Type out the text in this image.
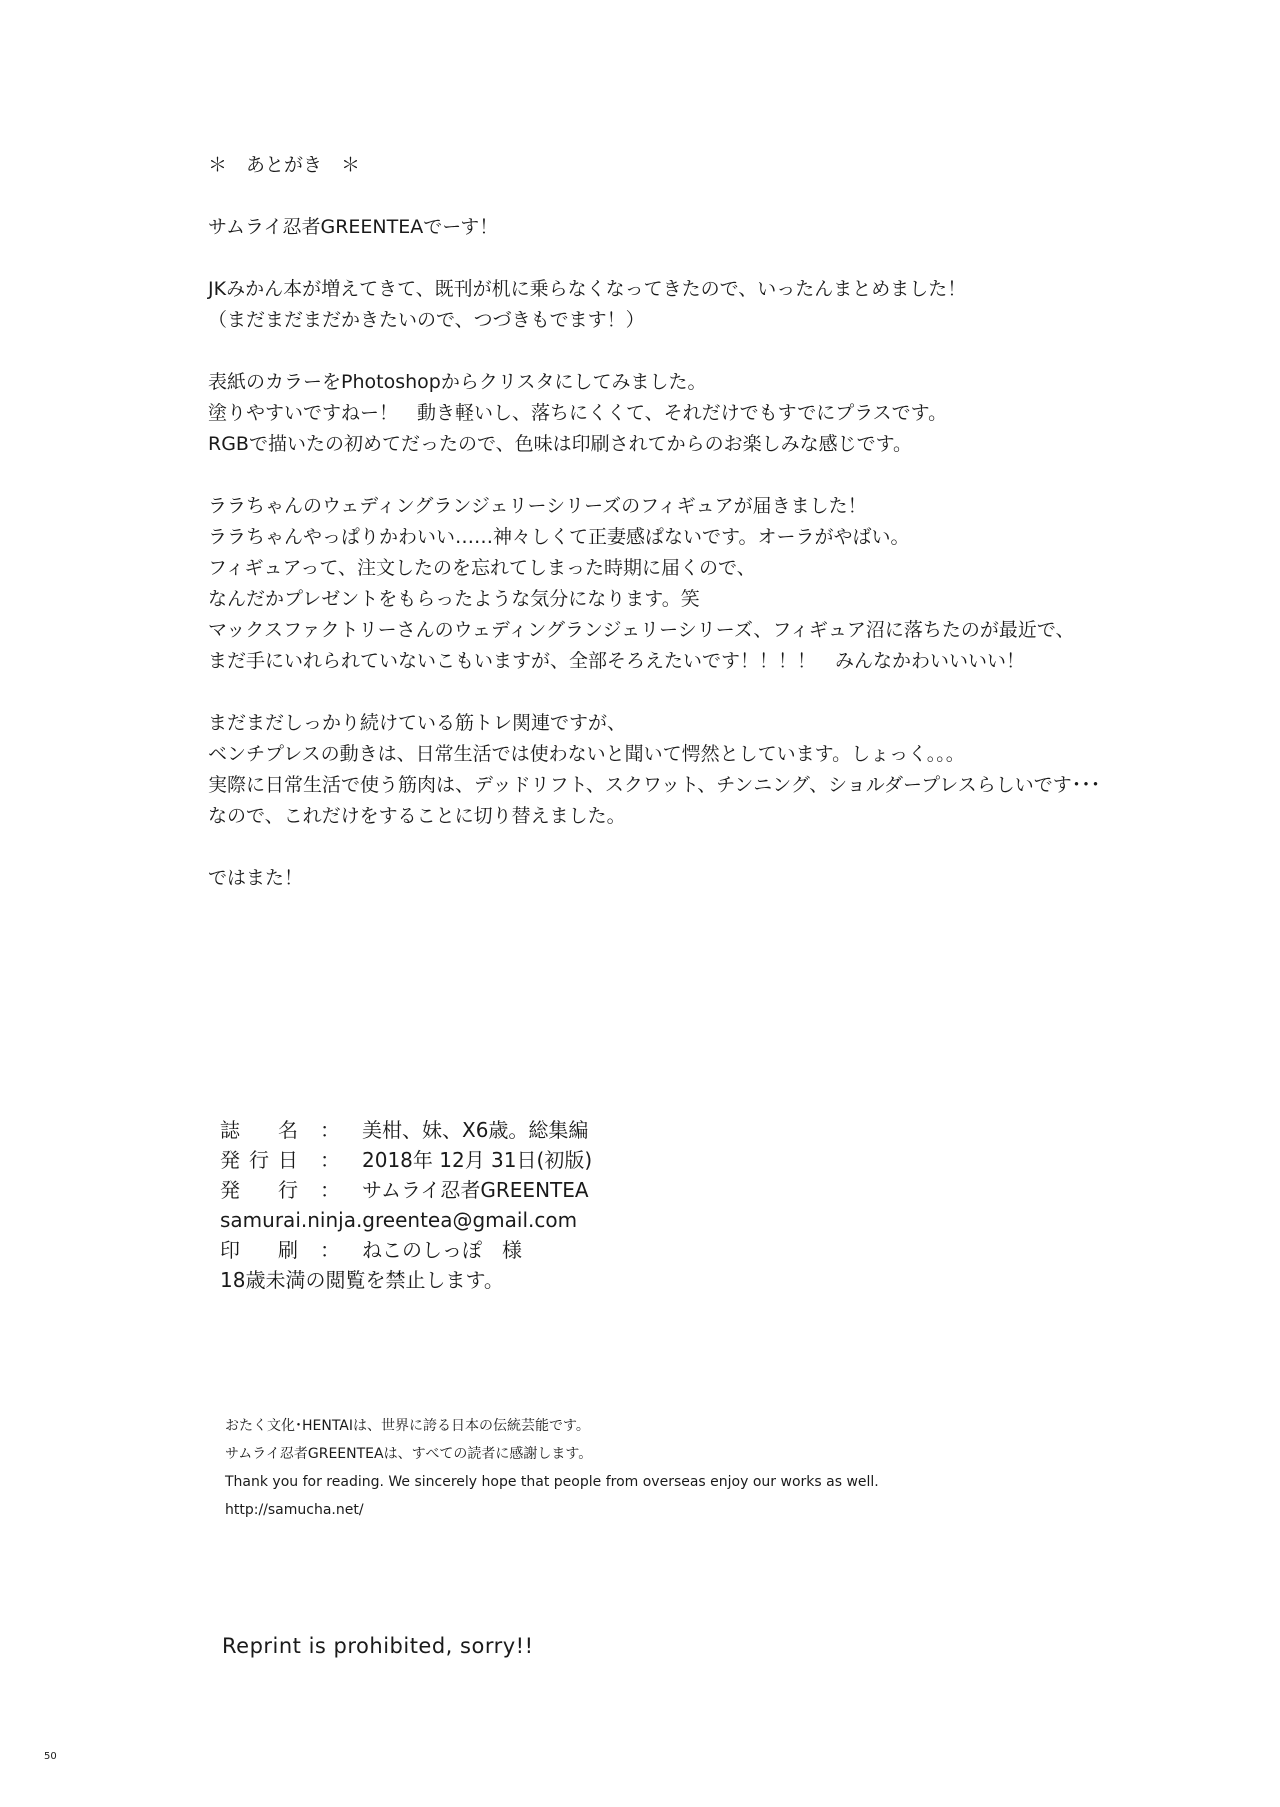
＊　あとがき　＊
サムライ忍者GREENTEAでーす！
JKみかん本が増えてきて、既刊が机に乗らなくなってきたので、いったんまとめました！
（まだまだまだかきたいので、つづきもでます！）
表紙のカラーをPhotoshopからクリスタにしてみました。
塗りやすいですねー！　動き軽いし、落ちにくくて、それだけでもすでにプラスです。
RGBで描いたの初めてだったので、色味は印刷されてからのお楽しみな感じです。
ララちゃんのウェディングランジェリーシリーズのフィギュアが届きました！
ララちゃんやっぱりかわいい……神々しくて正妻感ぱないです。オーラがやばい。
フィギュアって、注文したのを忘れてしまった時期に届くので、
なんだかプレゼントをもらったような気分になります。笑
マックスファクトリーさんのウェディングランジェリーシリーズ、フィギュア沼に落ちたのが最近で、
まだ手にいれられていないこもいますが、全部そろえたいです！！！！　みんなかわいいいい！
まだまだしっかり続けている筋トレ関連ですが、
ベンチプレスの動きは、日常生活では使わないと聞いて愕然としています。しょっく。。。
実際に日常生活で使う筋肉は、デッドリフト、スクワット、チンニング、ショルダープレスらしいです･･･
なので、これだけをすることに切り替えました。
ではまた！
誌　名	：	美柑、妹、X6歳。総集編
発行日	：	2018年 12月 31日(初版)
発　行	：	サムライ忍者GREENTEA
samurai.ninja.greentea@gmail.com
印　刷	：	ねこのしっぽ　様
18歳未満の閲覧を禁止します。
おたく文化･HENTAIは、世界に誇る日本の伝統芸能です。
サムライ忍者GREENTEAは、すべての読者に感謝します。
Thank you for reading. We sincerely hope that people from overseas enjoy our works as well.
http://samucha.net/
Reprint is prohibited, sorry!!
50
